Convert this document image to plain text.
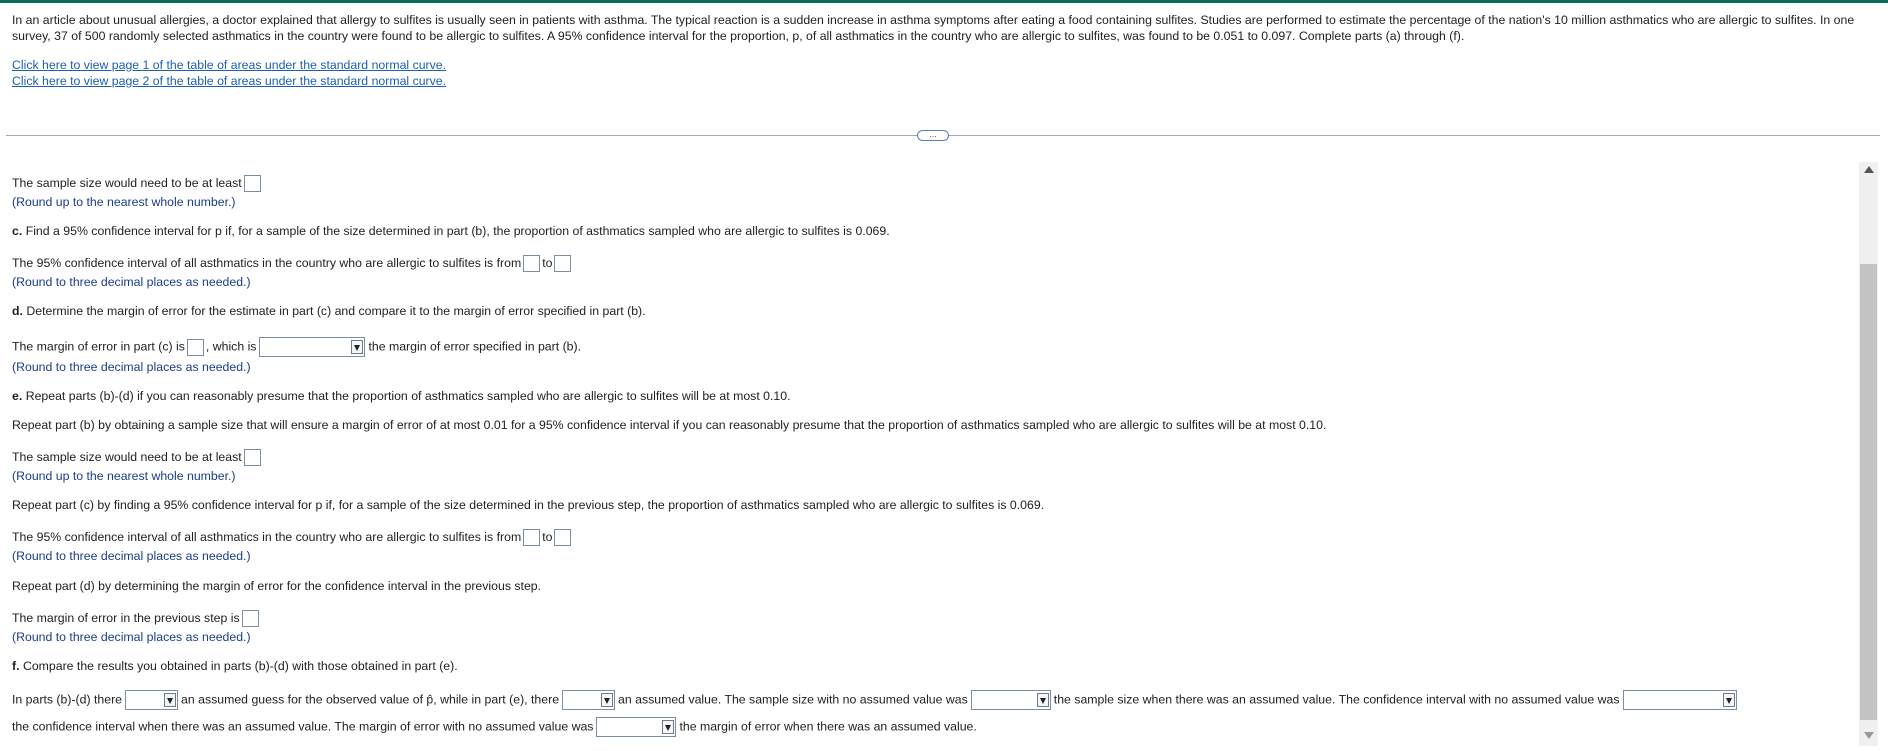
In an article about unusual allergies, a doctor explained that allergy to sulfites is usually seen in patients with asthma. The typical reaction is a sudden increase in asthma symptoms after eating a food containing sulfites. Studies are performed to estimate the percentage of the nation's 10 million asthmatics who are allergic to sulfites. In one survey, 37 of 500 randomly selected asthmatics in the country were found to be allergic to sulfites. A 95% confidence interval for the proportion, p, of all asthmatics in the country who are allergic to sulfites, was found to be 0.051 to 0.097. Complete parts (a) through (f).
Click here to view page 1 of the table of areas under the standard normal curve.
Click here to view page 2 of the table of areas under the standard normal curve.
...
The sample size would need to be at least
(Round up to the nearest whole number.)
c. Find a 95% confidence interval for p if, for a sample of the size determined in part (b), the proportion of asthmatics sampled who are allergic to sulfites is 0.069.
The 95% confidence interval of all asthmatics in the country who are allergic to sulfites is from to
(Round to three decimal places as needed.)
d. Determine the margin of error for the estimate in part (c) and compare it to the margin of error specified in part (b).
The margin of error in part (c) is , which is	the margin of error specified in part (b).
(Round to three decimal places as needed.)
e. Repeat parts (b)-(d) if you can reasonably presume that the proportion of asthmatics sampled who are allergic to sulfites will be at most 0.10.
Repeat part (b) by obtaining a sample size that will ensure a margin of error of at most 0.01 for a 95% confidence interval if you can reasonably presume that the proportion of asthmatics sampled who are allergic to sulfites will be at most 0.10.
The sample size would need to be at least
(Round up to the nearest whole number.)
Repeat part (c) by finding a 95% confidence interval for p if, for a sample of the size determined in the previous step, the proportion of asthmatics sampled who are allergic to sulfites is 0.069.
The 95% confidence interval of all asthmatics in the country who are allergic to sulfites is from to
(Round to three decimal places as needed.)
Repeat part (d) by determining the margin of error for the confidence interval in the previous step.
The margin of error in the previous step is
(Round to three decimal places as needed.)
f. Compare the results you obtained in parts (b)-(d) with those obtained in part (e).
In parts (b)-(d) there	an assumed guess for the observed value of p̂, while in part (e), there	an assumed value. The sample size with no assumed value was	the sample size when there was an assumed value. The confidence interval with no assumed value was
the confidence interval when there was an assumed value. The margin of error with no assumed value was	the margin of error when there was an assumed value.
